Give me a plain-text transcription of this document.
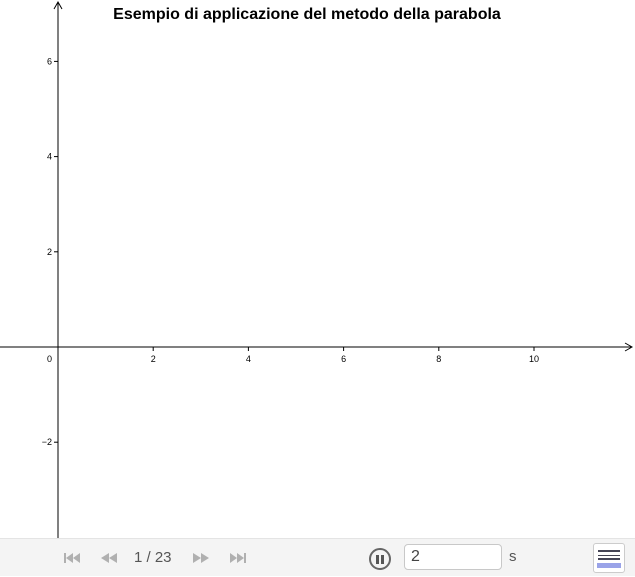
2	4	6	8	10
6
4
2
−2
0
Esempio di applicazione del metodo della parabola
1 / 23
2	s
